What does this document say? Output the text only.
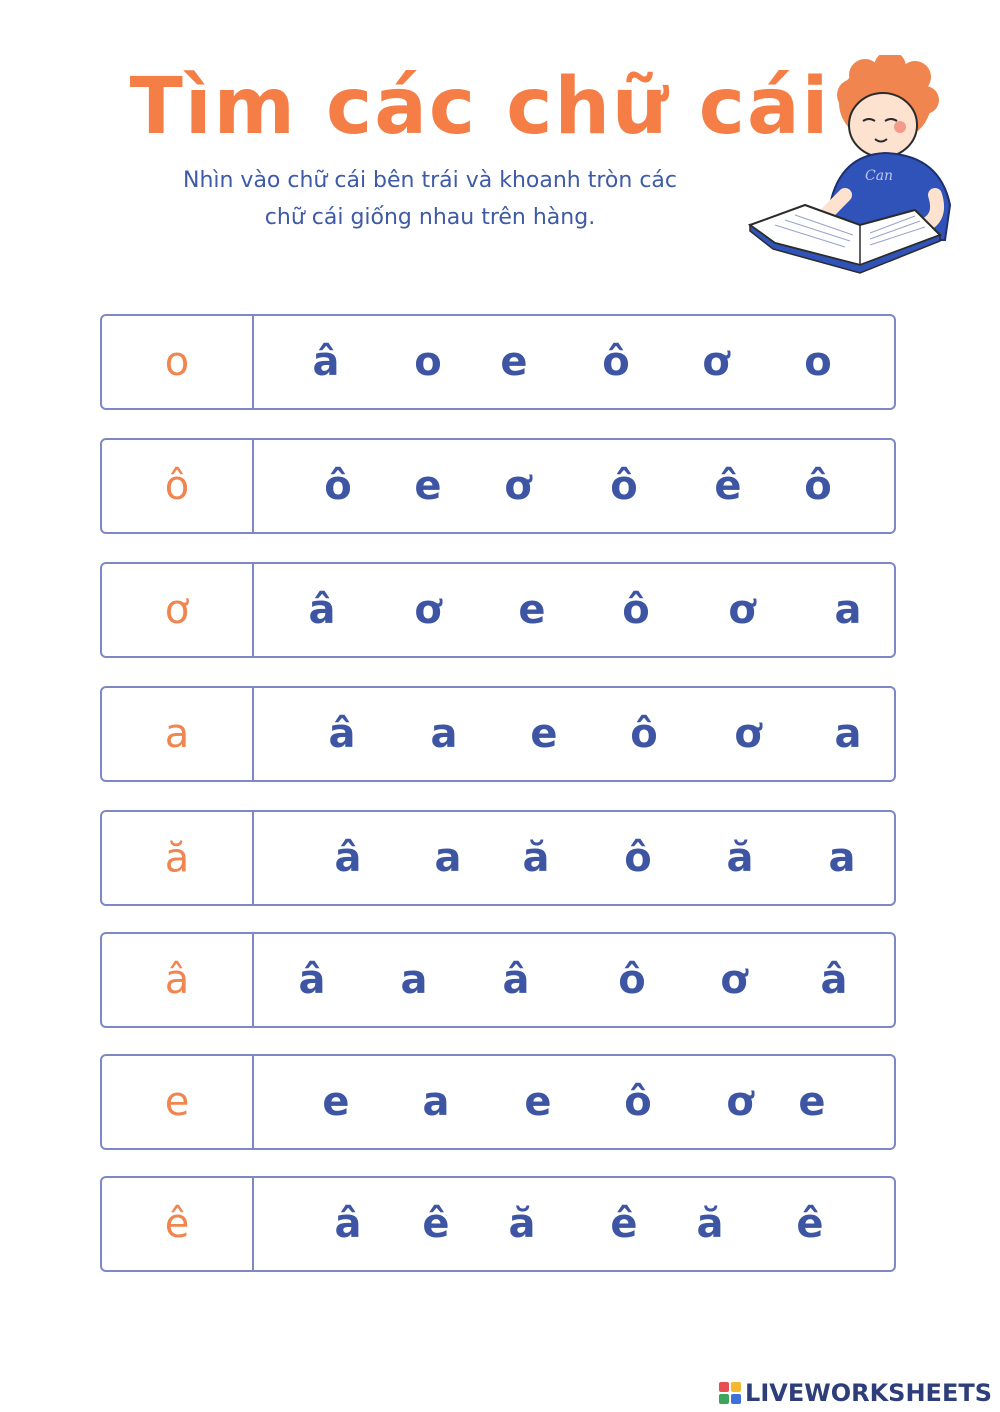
Tìm các chữ cái
Nhìn vào chữ cái bên trái và khoanh tròn các
chữ cái giống nhau trên hàng.
Can
o	â	o	e	ô	ơ	o
ô	ô	e	ơ	ô	ê	ô
ơ	â	ơ	e	ô	ơ	a
a	â	a	e	ô	ơ	a
ă	â	a	ă	ô	ă	a
â	â	a	â	ô	ơ	â
e	e	a	e	ô	ơ	e
ê	â	ê	ă	ê	ă	ê
LIVEWORKSHEETS
